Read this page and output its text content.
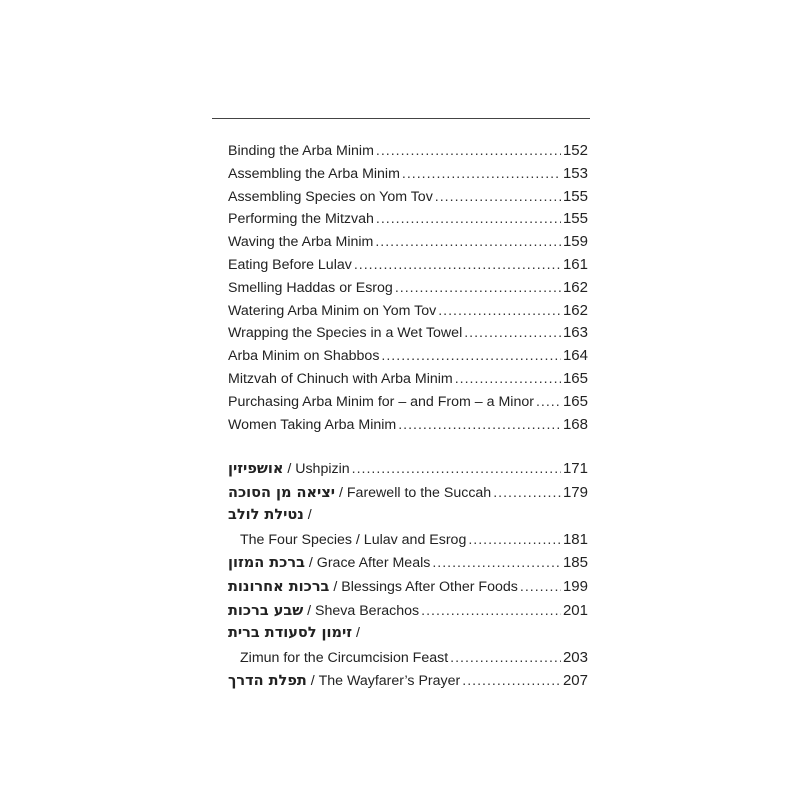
Binding the Arba Minim .....	152
Assembling the Arba Minim .....	153
Assembling Species on Yom Tov .....	155
Performing the Mitzvah .....	155
Waving the Arba Minim .....	159
Eating Before Lulav .....	161
Smelling Haddas or Esrog .....	162
Watering Arba Minim on Yom Tov .....	162
Wrapping the Species in a Wet Towel .....	163
Arba Minim on Shabbos .....	164
Mitzvah of Chinuch with Arba Minim .....	165
Purchasing Arba Minim for – and From – a Minor ..... 165
Women Taking Arba Minim .....	168
אושפיזין / Ushpizin .....	171
יציאה מן הסוכה / Farewell to the Succah .....	179
נטילת לולב /
The Four Species / Lulav and Esrog .....	181
ברכת המזון / Grace After Meals .....	185
ברכות אחרונות / Blessings After Other Foods .....	199
שבע ברכות / Sheva Berachos .....	201
זימון לסעודת ברית /
Zimun for the Circumcision Feast .....	203
תפלת הדרך / The Wayfarer’s Prayer .....	207
